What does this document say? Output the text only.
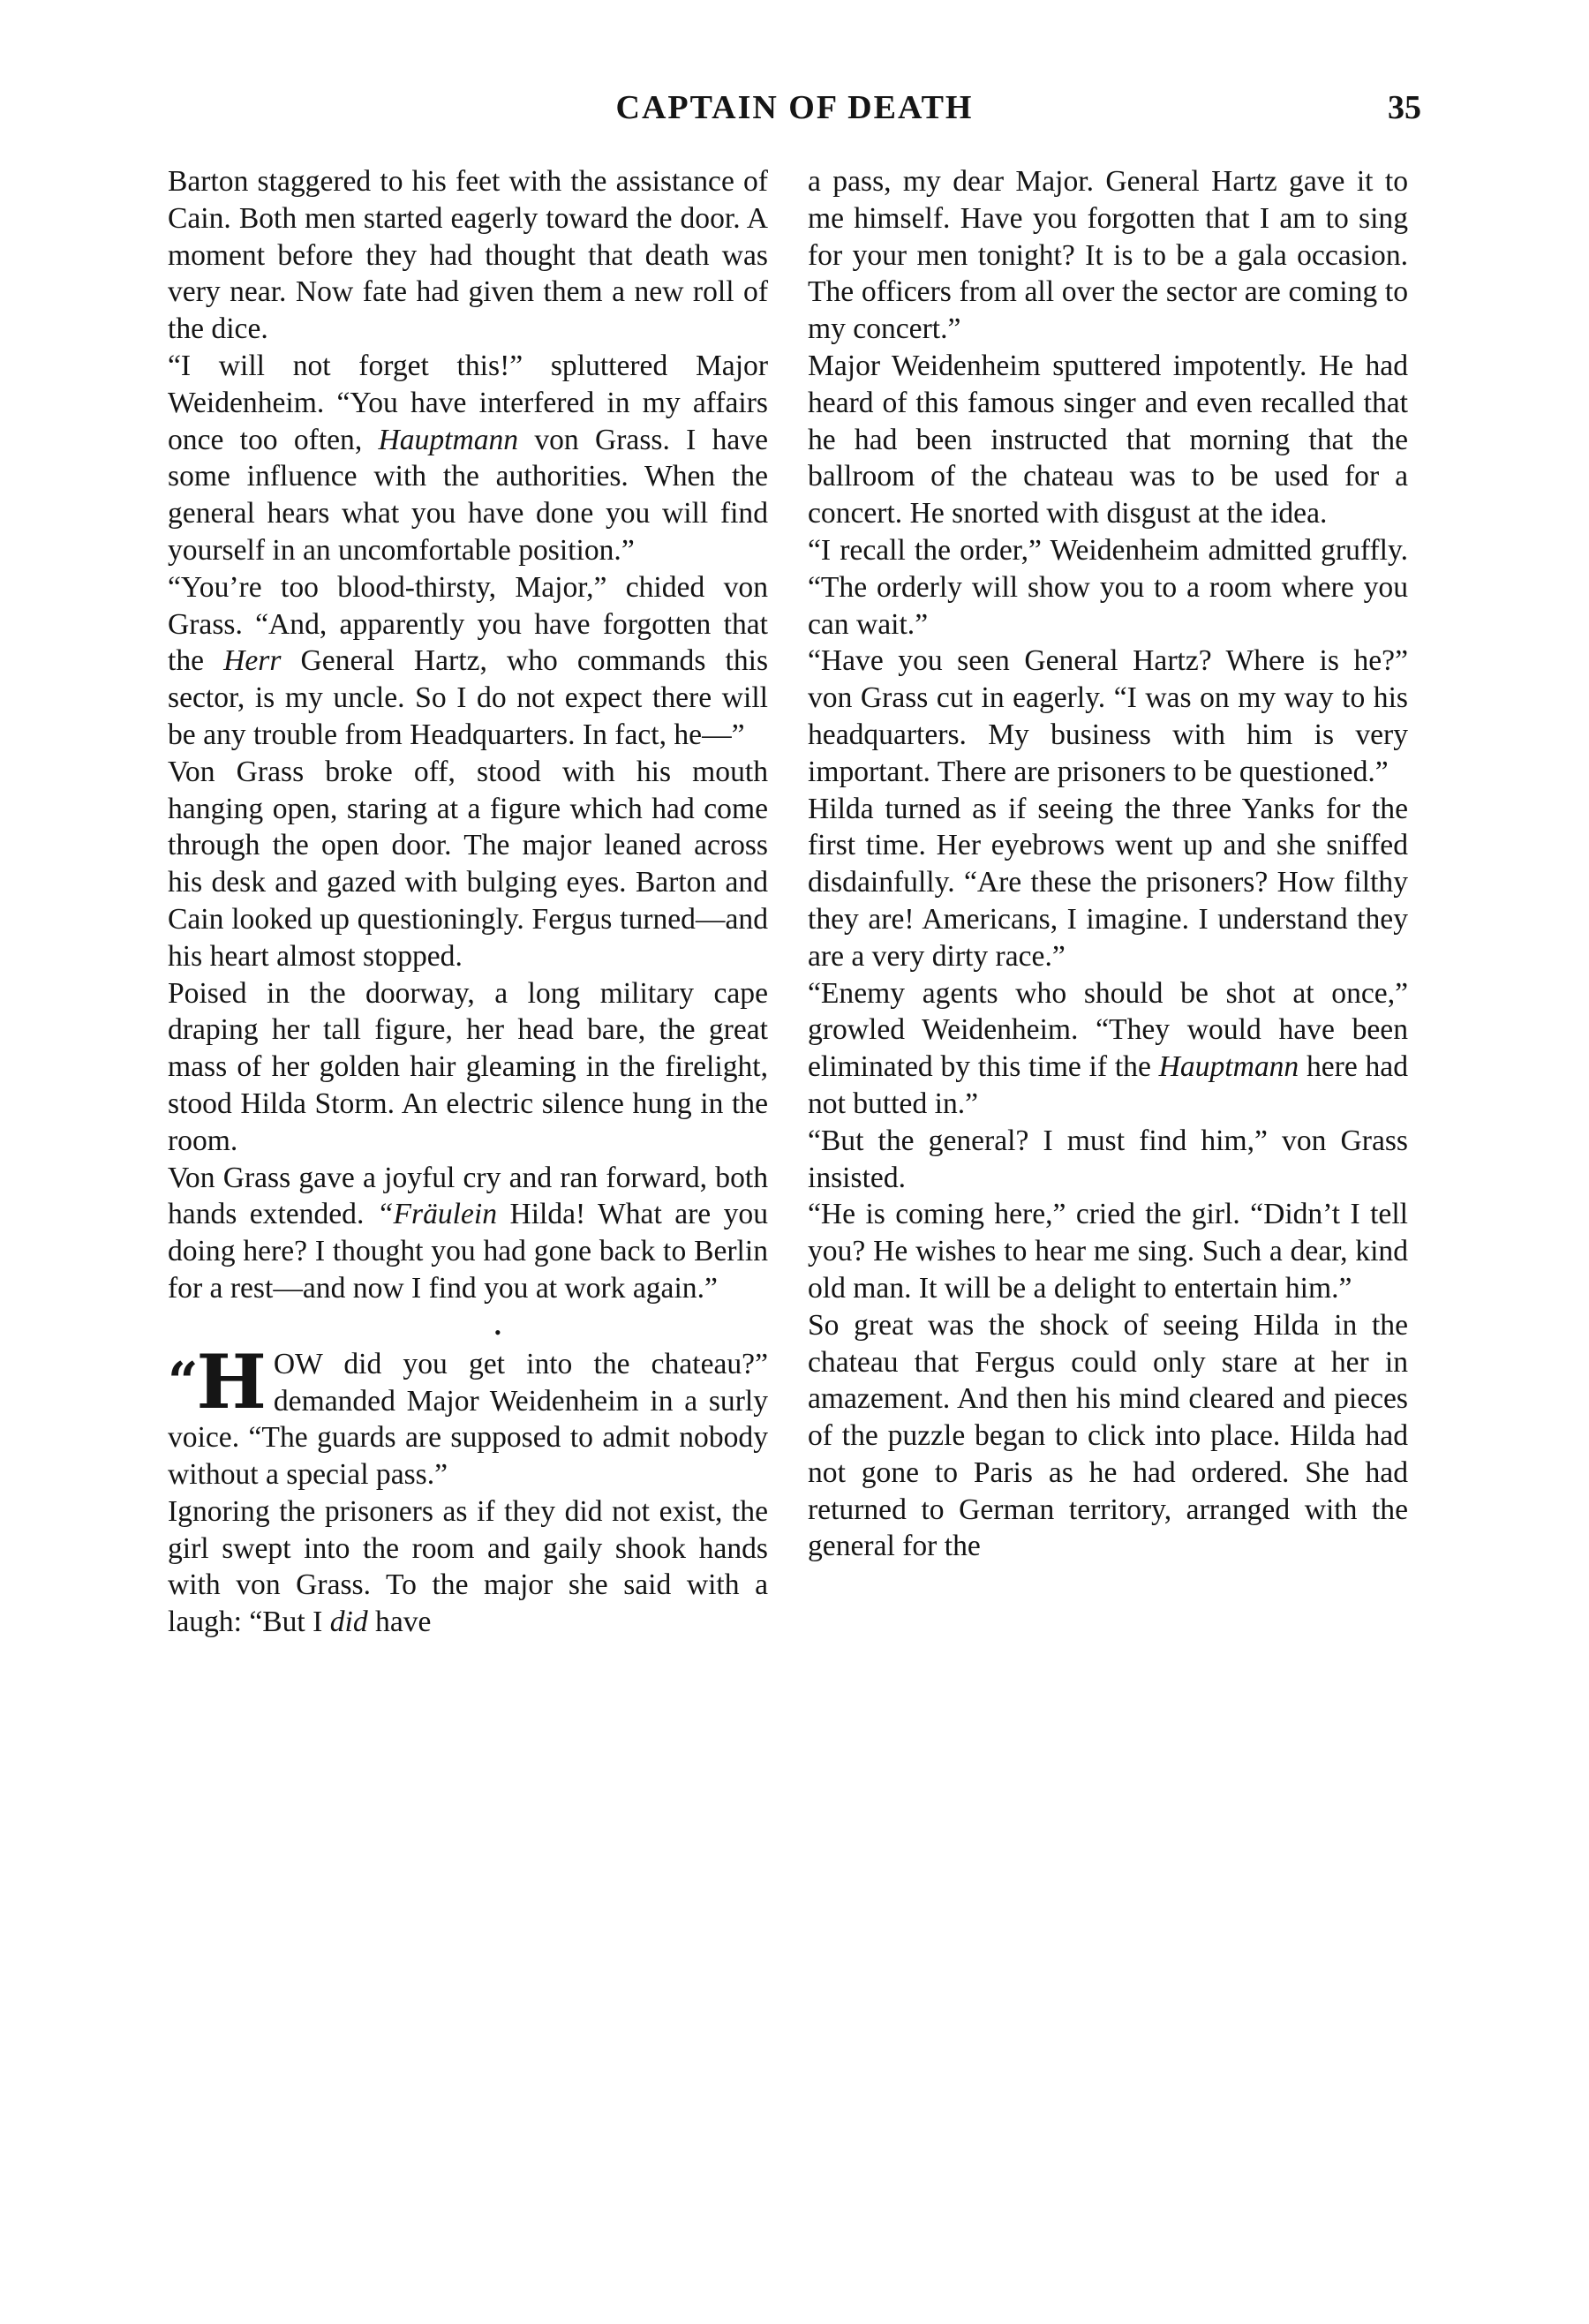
CAPTAIN OF DEATH	35

Barton staggered to his feet with the assistance of Cain. Both men started eagerly toward the door. A moment before they had thought that death was very near. Now fate had given them a new roll of the dice.

“I will not forget this!” spluttered Major Weidenheim. “You have interfered in my affairs once too often, Hauptmann von Grass. I have some influence with the authorities. When the general hears what you have done you will find yourself in an uncomfortable position.”

“You’re too blood-thirsty, Major,” chided von Grass. “And, apparently you have forgotten that the Herr General Hartz, who commands this sector, is my uncle. So I do not expect there will be any trouble from Headquarters. In fact, he—”

Von Grass broke off, stood with his mouth hanging open, staring at a figure which had come through the open door. The major leaned across his desk and gazed with bulging eyes. Barton and Cain looked up questioningly. Fergus turned—and his heart almost stopped.

Poised in the doorway, a long military cape draping her tall figure, her head bare, the great mass of her golden hair gleaming in the firelight, stood Hilda Storm. An electric silence hung in the room.

Von Grass gave a joyful cry and ran forward, both hands extended. “Fräulein Hilda! What are you doing here? I thought you had gone back to Berlin for a rest—and now I find you at work again.”

•

“H OW did you get into the chateau?” demanded Major Weidenheim in a surly voice. “The guards are supposed to admit nobody without a special pass.”

Ignoring the prisoners as if they did not exist, the girl swept into the room and gaily shook hands with von Grass. To the major she said with a laugh: “But I did have

a pass, my dear Major. General Hartz gave it to me himself. Have you forgotten that I am to sing for your men tonight? It is to be a gala occasion. The officers from all over the sector are coming to my concert.”

Major Weidenheim sputtered impotently. He had heard of this famous singer and even recalled that he had been instructed that morning that the ballroom of the chateau was to be used for a concert. He snorted with disgust at the idea.

“I recall the order,” Weidenheim admitted gruffly. “The orderly will show you to a room where you can wait.”

“Have you seen General Hartz? Where is he?” von Grass cut in eagerly. “I was on my way to his headquarters. My business with him is very important. There are prisoners to be questioned.”

Hilda turned as if seeing the three Yanks for the first time. Her eyebrows went up and she sniffed disdainfully. “Are these the prisoners? How filthy they are! Americans, I imagine. I understand they are a very dirty race.”

“Enemy agents who should be shot at once,” growled Weidenheim. “They would have been eliminated by this time if the Hauptmann here had not butted in.”

“But the general? I must find him,” von Grass insisted.

“He is coming here,” cried the girl. “Didn’t I tell you? He wishes to hear me sing. Such a dear, kind old man. It will be a delight to entertain him.”

So great was the shock of seeing Hilda in the chateau that Fergus could only stare at her in amazement. And then his mind cleared and pieces of the puzzle began to click into place. Hilda had not gone to Paris as he had ordered. She had returned to German territory, arranged with the general for the
